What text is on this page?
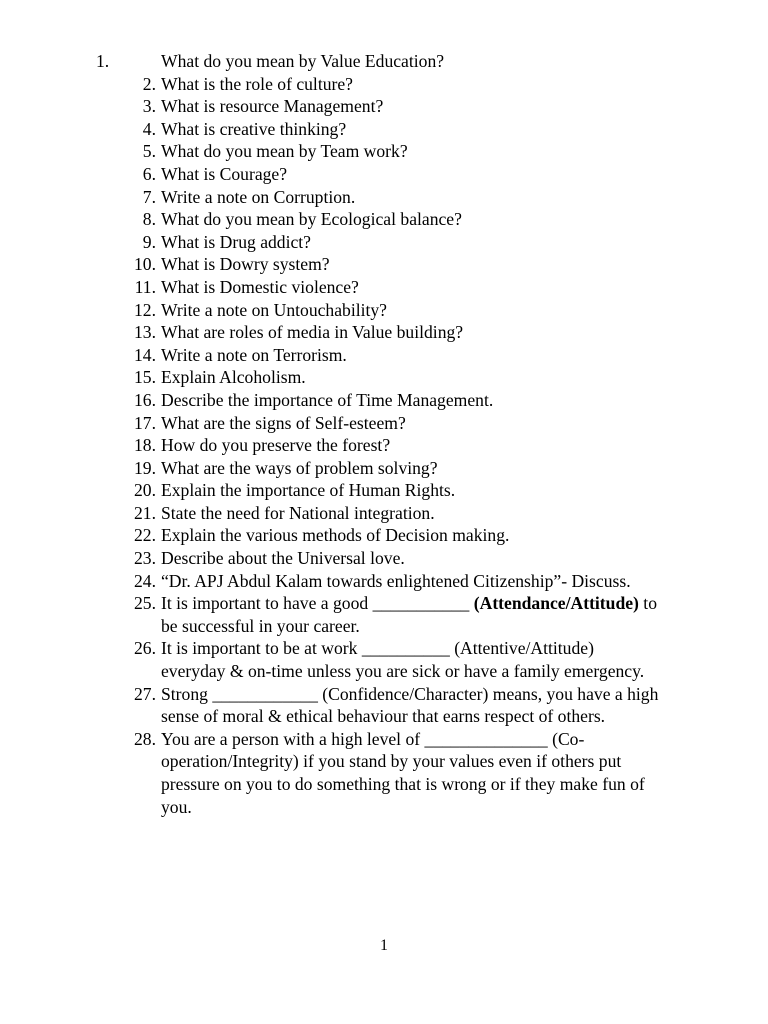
1.	What do you mean by Value Education?
2. What is the role of culture?
3. What is resource Management?
4. What is creative thinking?
5. What do you mean by Team work?
6. What is Courage?
7. Write a note on Corruption.
8. What do you mean by Ecological balance?
9. What is Drug addict?
10. What is Dowry system?
11. What is Domestic violence?
12. Write a note on Untouchability?
13. What are roles of media in Value building?
14. Write a note on Terrorism.
15. Explain Alcoholism.
16. Describe the importance of Time Management.
17. What are the signs of Self-esteem?
18. How do you preserve the forest?
19. What are the ways of problem solving?
20. Explain the importance of Human Rights.
21. State the need for National integration.
22. Explain the various methods of Decision making.
23. Describe about the Universal love.
24. “Dr. APJ Abdul Kalam towards enlightened Citizenship”- Discuss.
25. It is important to have a good ___________ (Attendance/Attitude) to be successful in your career.
26. It is important to be at work __________ (Attentive/Attitude) everyday & on-time unless you are sick or have a family emergency.
27. Strong ____________ (Confidence/Character) means, you have a high sense of moral & ethical behaviour that earns respect of others.
28. You are a person with a high level of ______________ (Co-operation/Integrity) if you stand by your values even if others put pressure on you to do something that is wrong or if they make fun of you.
1
